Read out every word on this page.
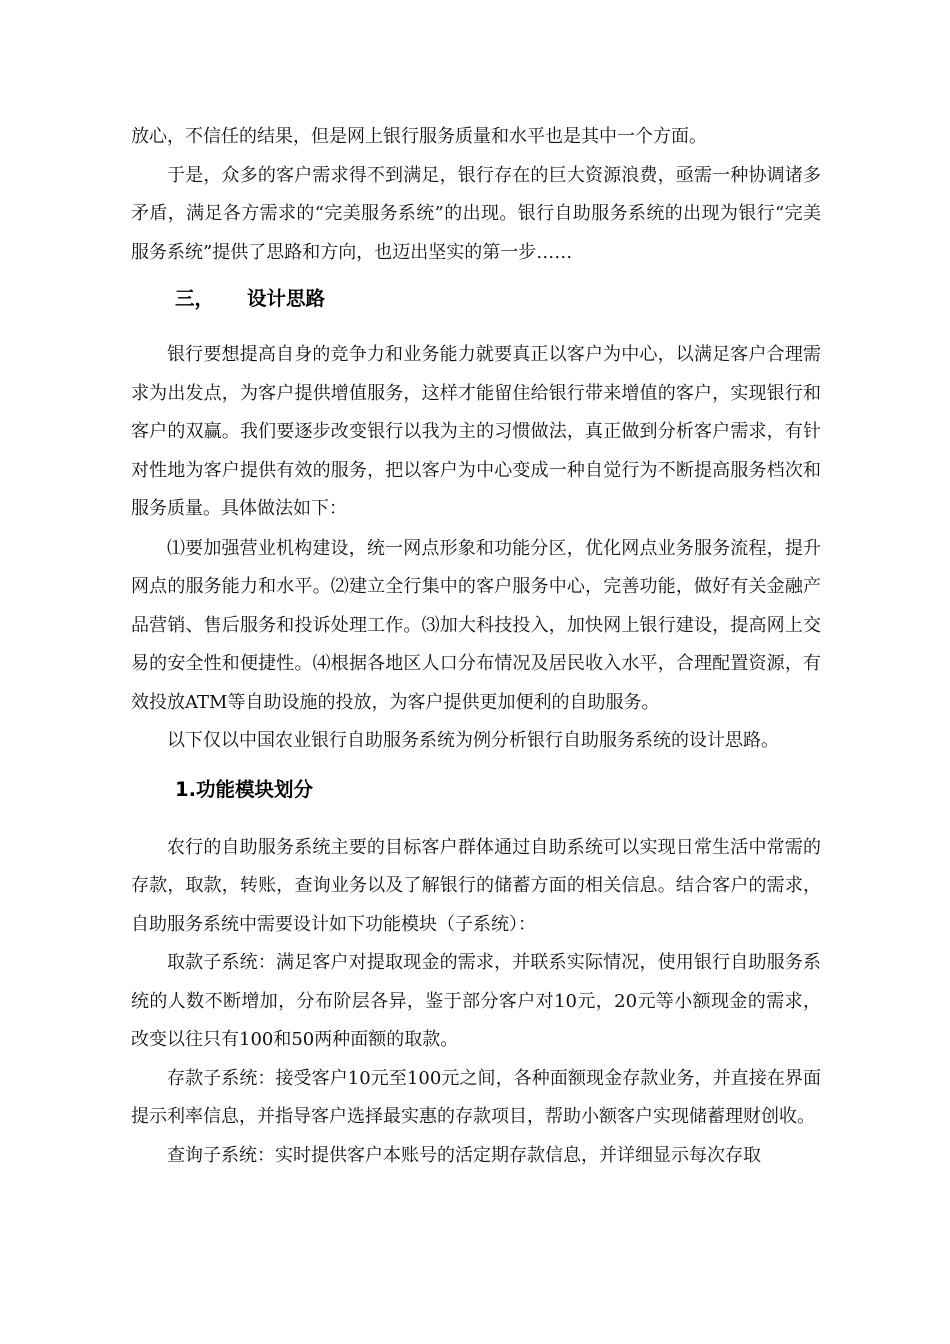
放心，不信任的结果，但是网上银行服务质量和水平也是其中一个方面。

于是，众多的客户需求得不到满足，银行存在的巨大资源浪费，亟需一种协调诸多矛盾，满足各方需求的“完美服务系统”的出现。银行自助服务系统的出现为银行“完美服务系统”提供了思路和方向，也迈出坚实的第一步……

三， 设计思路

银行要想提高自身的竞争力和业务能力就要真正以客户为中心，以满足客户合理需求为出发点，为客户提供增值服务，这样才能留住给银行带来增值的客户，实现银行和客户的双赢。我们要逐步改变银行以我为主的习惯做法，真正做到分析客户需求，有针对性地为客户提供有效的服务，把以客户为中心变成一种自觉行为不断提高服务档次和服务质量。具体做法如下：

⑴要加强营业机构建设，统一网点形象和功能分区，优化网点业务服务流程，提升网点的服务能力和水平。⑵建立全行集中的客户服务中心，完善功能，做好有关金融产品营销、售后服务和投诉处理工作。⑶加大科技投入，加快网上银行建设，提高网上交易的安全性和便捷性。⑷根据各地区人口分布情况及居民收入水平，合理配置资源，有效投放ATM等自助设施的投放，为客户提供更加便利的自助服务。

以下仅以中国农业银行自助服务系统为例分析银行自助服务系统的设计思路。

1.功能模块划分

农行的自助服务系统主要的目标客户群体通过自助系统可以实现日常生活中常需的存款，取款，转账，查询业务以及了解银行的储蓄方面的相关信息。结合客户的需求，自助服务系统中需要设计如下功能模块（子系统）：

取款子系统：满足客户对提取现金的需求，并联系实际情况，使用银行自助服务系统的人数不断增加，分布阶层各异，鉴于部分客户对10元，20元等小额现金的需求，改变以往只有100和50两种面额的取款。

存款子系统：接受客户10元至100元之间，各种面额现金存款业务，并直接在界面提示利率信息，并指导客户选择最实惠的存款项目，帮助小额客户实现储蓄理财创收。

查询子系统：实时提供客户本账号的活定期存款信息，并详细显示每次存取
